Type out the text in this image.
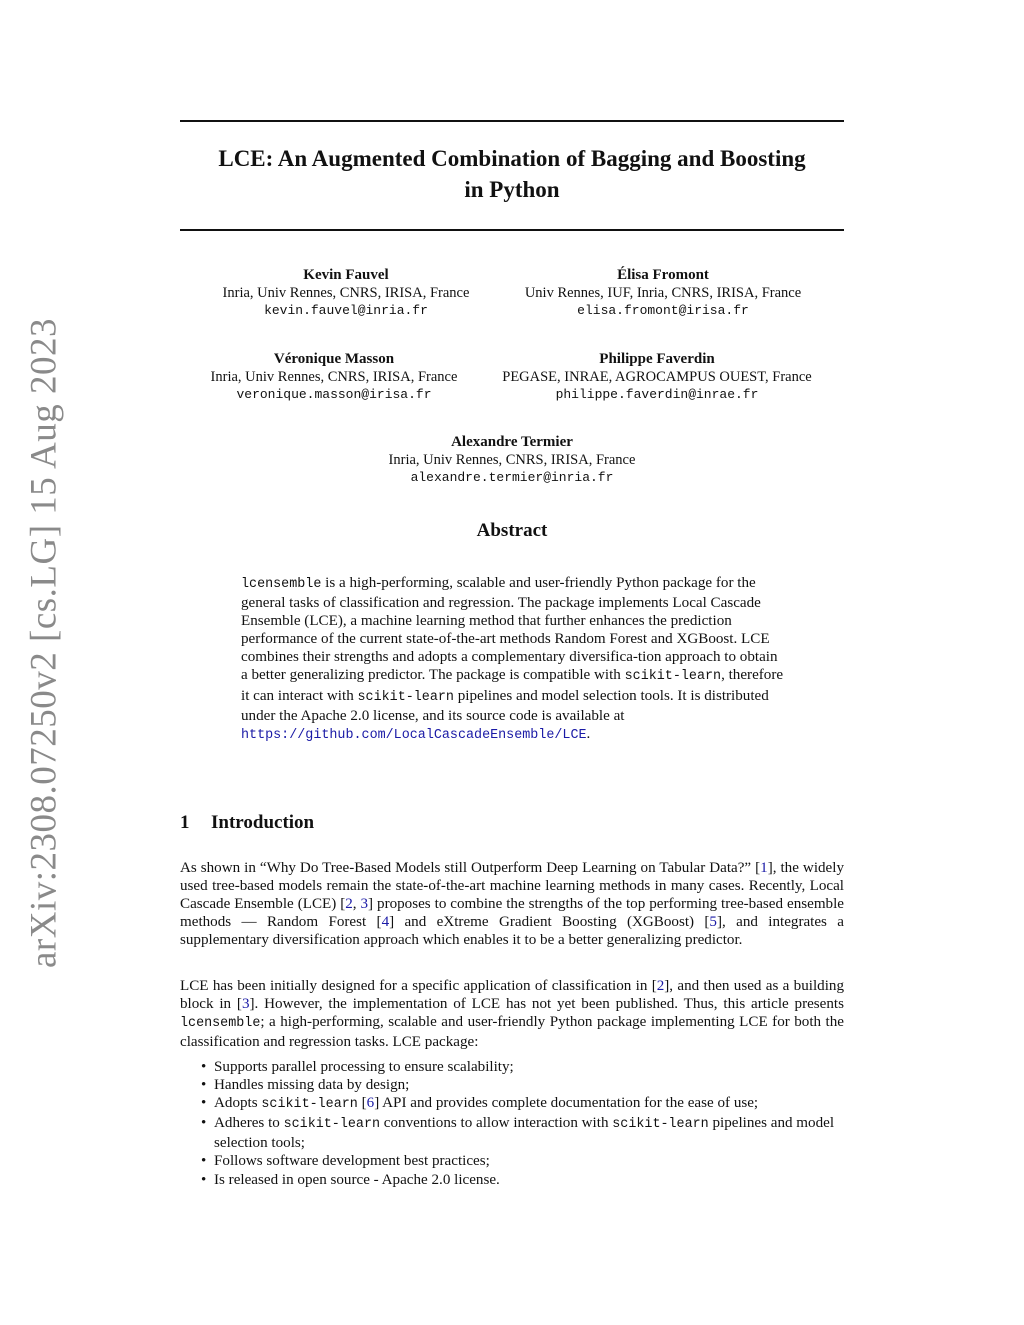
arXiv:2308.07250v2 [cs.LG] 15 Aug 2023
LCE: An Augmented Combination of Bagging and Boosting
in Python
Kevin Fauvel
Inria, Univ Rennes, CNRS, IRISA, France
kevin.fauvel@inria.fr
Élisa Fromont
Univ Rennes, IUF, Inria, CNRS, IRISA, France
elisa.fromont@irisa.fr
Véronique Masson
Inria, Univ Rennes, CNRS, IRISA, France
veronique.masson@irisa.fr
Philippe Faverdin
PEGASE, INRAE, AGROCAMPUS OUEST, France
philippe.faverdin@inrae.fr
Alexandre Termier
Inria, Univ Rennes, CNRS, IRISA, France
alexandre.termier@inria.fr
Abstract
lcensemble is a high-performing, scalable and user-friendly Python package for the general tasks of classification and regression. The package implements Local Cascade Ensemble (LCE), a machine learning method that further enhances the prediction performance of the current state-of-the-art methods Random Forest and XGBoost. LCE combines their strengths and adopts a complementary diversifica-tion approach to obtain a better generalizing predictor. The package is compatible with scikit-learn, therefore it can interact with scikit-learn pipelines and model selection tools. It is distributed under the Apache 2.0 license, and its source code is available at https://github.com/LocalCascadeEnsemble/LCE.
1 Introduction
As shown in “Why Do Tree-Based Models still Outperform Deep Learning on Tabular Data?” [1], the widely used tree-based models remain the state-of-the-art machine learning methods in many cases. Recently, Local Cascade Ensemble (LCE) [2, 3] proposes to combine the strengths of the top performing tree-based ensemble methods — Random Forest [4] and eXtreme Gradient Boosting (XGBoost) [5], and integrates a supplementary diversification approach which enables it to be a better generalizing predictor.
LCE has been initially designed for a specific application of classification in [2], and then used as a building block in [3]. However, the implementation of LCE has not yet been published. Thus, this article presents lcensemble; a high-performing, scalable and user-friendly Python package implementing LCE for both the classification and regression tasks. LCE package:
• Supports parallel processing to ensure scalability;
• Handles missing data by design;
• Adopts scikit-learn [6] API and provides complete documentation for the ease of use;
• Adheres to scikit-learn conventions to allow interaction with scikit-learn pipelines and model selection tools;
• Follows software development best practices;
• Is released in open source - Apache 2.0 license.
